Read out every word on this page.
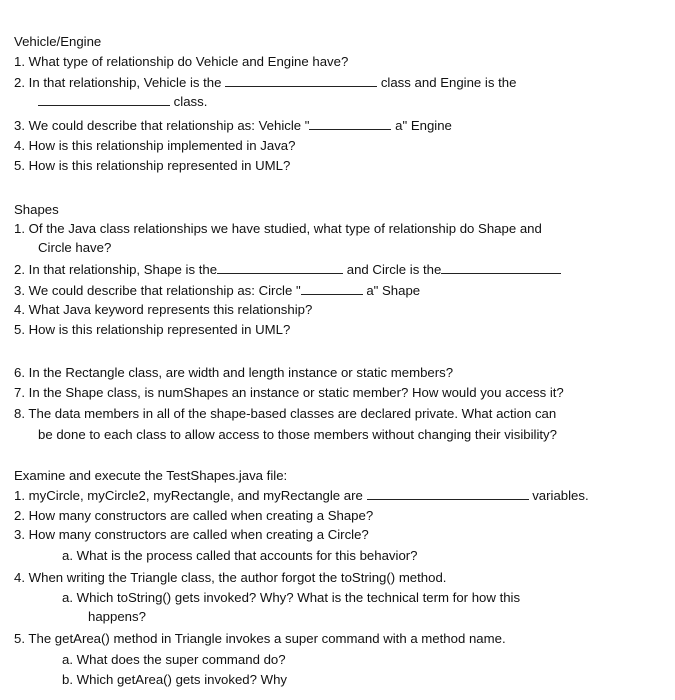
Vehicle/Engine
1. What type of relationship do Vehicle and Engine have?
2. In that relationship, Vehicle is the	class and Engine is the
class.
3. We could describe that relationship as: Vehicle "	a" Engine
4. How is this relationship implemented in Java?
5. How is this relationship represented in UML?
Shapes
1. Of the Java class relationships we have studied, what type of relationship do Shape and
Circle have?
2. In that relationship, Shape is the	and Circle is the
3. We could describe that relationship as: Circle "	a" Shape
4. What Java keyword represents this relationship?
5. How is this relationship represented in UML?
6. In the Rectangle class, are width and length instance or static members?
7. In the Shape class, is numShapes an instance or static member? How would you access it?
8. The data members in all of the shape-based classes are declared private. What action can
be done to each class to allow access to those members without changing their visibility?
Examine and execute the TestShapes.java file:
1. myCircle, myCircle2, myRectangle, and myRectangle are	variables.
2. How many constructors are called when creating a Shape?
3. How many constructors are called when creating a Circle?
a. What is the process called that accounts for this behavior?
4. When writing the Triangle class, the author forgot the toString() method.
a. Which toString() gets invoked? Why? What is the technical term for how this
happens?
5. The getArea() method in Triangle invokes a super command with a method name.
a. What does the super command do?
b. Which getArea() gets invoked? Why
